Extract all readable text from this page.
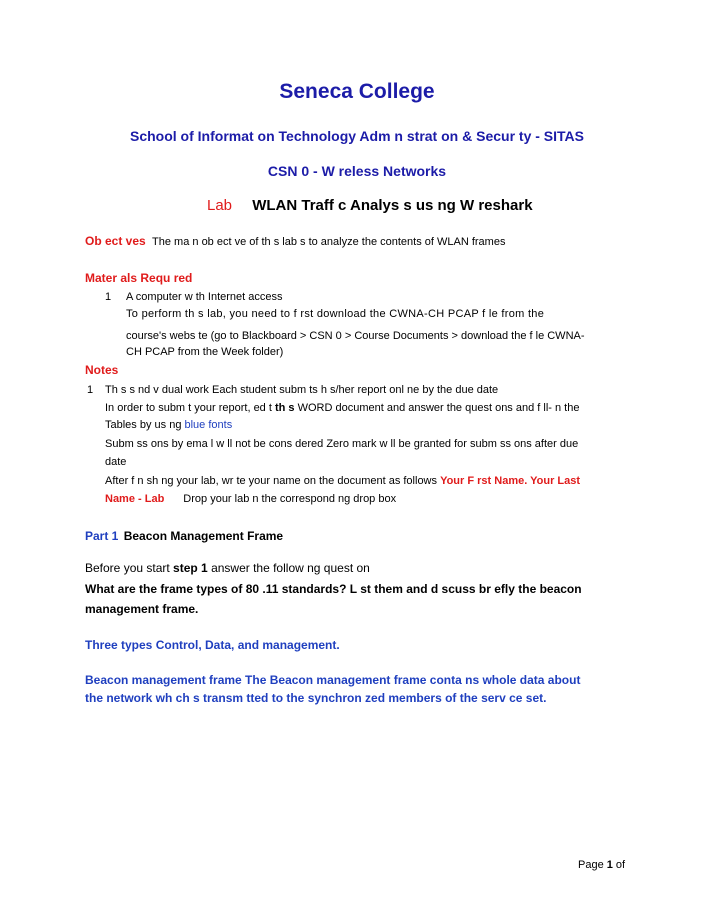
Seneca College
School of Informat on Technology Adm n strat on & Secur ty - SITAS
CSN 0 - W reless Networks
Lab WLAN Traff c Analys s us ng W reshark
Ob ect ves The ma n ob ect ve of th s lab s to analyze the contents of WLAN frames
Mater als Requ red
1 A computer w th Internet access
To perform th s lab, you need to f rst download the CWNA-CH PCAP f le from the
course's webs te (go to Blackboard > CSN 0 > Course Documents > download the f le CWNA-
CH PCAP from the Week folder)
Notes
1 Th s s nd v dual work Each student subm ts h s/her report onl ne by the due date
In order to subm t your report, ed t th s WORD document and answer the quest ons and f ll- n the
Tables by us ng blue fonts
Subm ss ons by ema l w ll not be cons dered Zero mark w ll be granted for subm ss ons after due
date
After f n sh ng your lab, wr te your name on the document as follows Your F rst Name. Your Last
Name - Lab Drop your lab n the correspond ng drop box
Part 1 Beacon Management Frame
Before you start step 1 answer the follow ng quest on
What are the frame types of 80 .11 standards? L st them and d scuss br efly the beacon
management frame.
Three types Control, Data, and management.
Beacon management frame The Beacon management frame conta ns whole data about
the network wh ch s transm tted to the synchron zed members of the serv ce set.
Page 1 of
